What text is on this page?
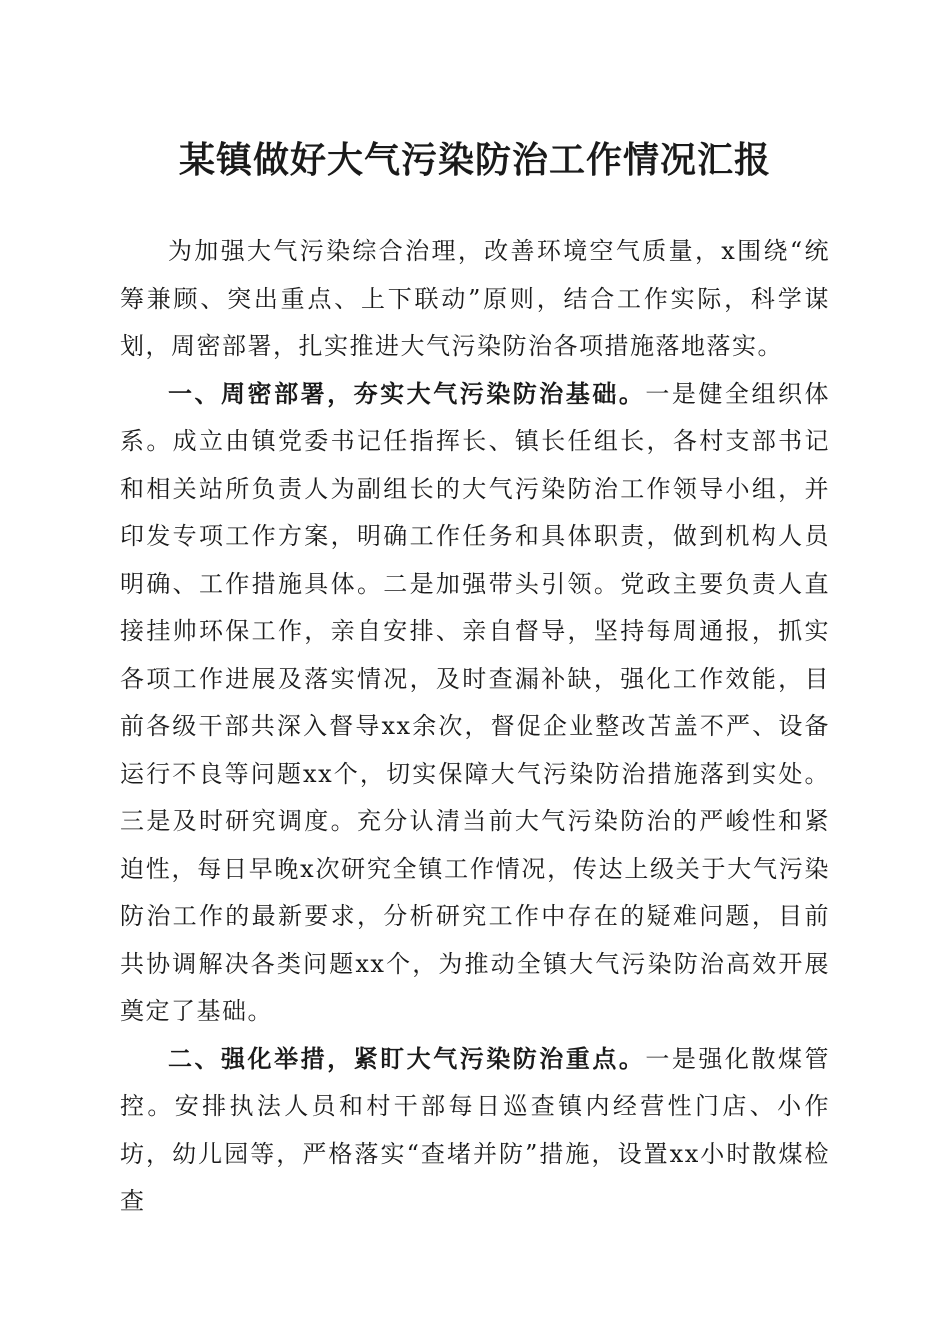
某镇做好大气污染防治工作情况汇报

为加强大气污染综合治理，改善环境空气质量，x围绕“统筹兼顾、突出重点、上下联动”原则，结合工作实际，科学谋划，周密部署，扎实推进大气污染防治各项措施落地落实。

一、周密部署，夯实大气污染防治基础。一是健全组织体系。成立由镇党委书记任指挥长、镇长任组长，各村支部书记和相关站所负责人为副组长的大气污染防治工作领导小组，并印发专项工作方案，明确工作任务和具体职责，做到机构人员明确、工作措施具体。二是加强带头引领。党政主要负责人直接挂帅环保工作，亲自安排、亲自督导，坚持每周通报，抓实各项工作进展及落实情况，及时查漏补缺，强化工作效能，目前各级干部共深入督导xx余次，督促企业整改苫盖不严、设备运行不良等问题xx个，切实保障大气污染防治措施落到实处。三是及时研究调度。充分认清当前大气污染防治的严峻性和紧迫性，每日早晚x次研究全镇工作情况，传达上级关于大气污染防治工作的最新要求，分析研究工作中存在的疑难问题，目前共协调解决各类问题xx个，为推动全镇大气污染防治高效开展奠定了基础。

二、强化举措，紧盯大气污染防治重点。一是强化散煤管控。安排执法人员和村干部每日巡查镇内经营性门店、小作坊，幼儿园等，严格落实“查堵并防”措施，设置xx小时散煤检查
